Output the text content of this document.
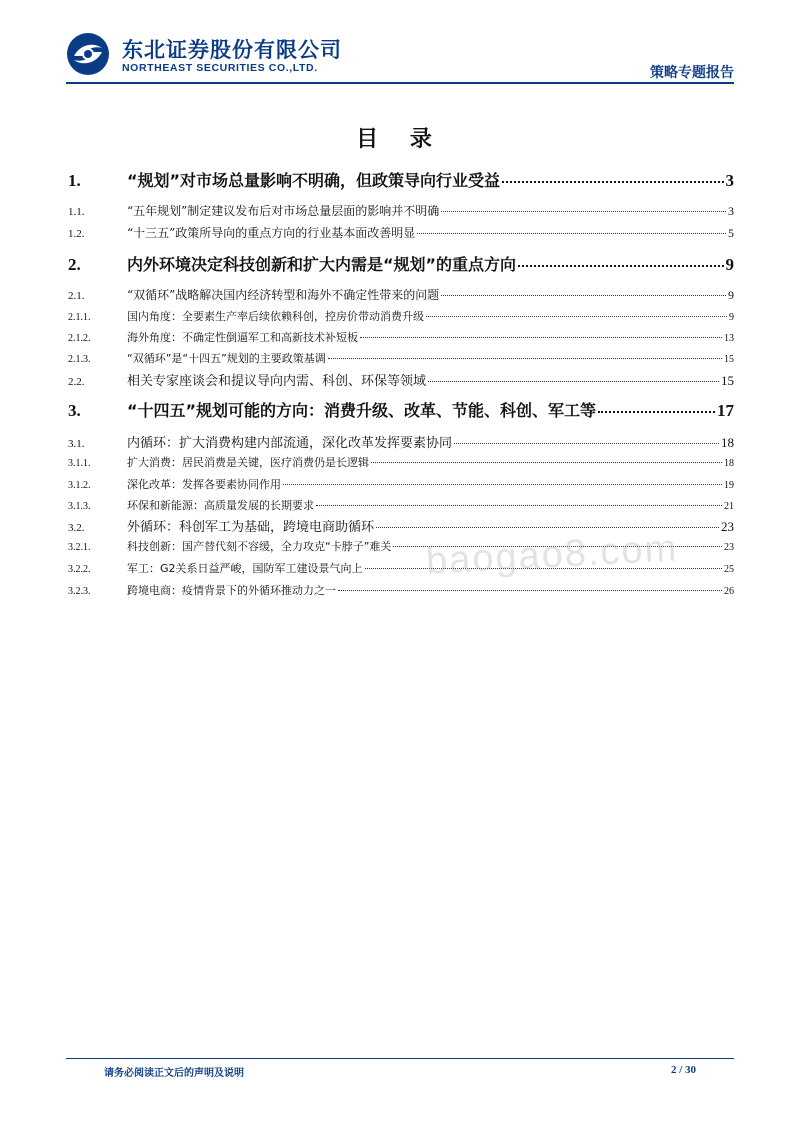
东北证券股份有限公司
NORTHEAST SECURITIES CO.,LTD.	策略专题报告
目 录
1.	“规划”对市场总量影响不明确，但政策导向行业受益	3
1.1.	“五年规划”制定建议发布后对市场总量层面的影响并不明确	3
1.2.	“十三五”政策所导向的重点方向的行业基本面改善明显	5
2.	内外环境决定科技创新和扩大内需是“规划”的重点方向	9
2.1.	“双循环”战略解决国内经济转型和海外不确定性带来的问题	9
2.1.1.	国内角度：全要素生产率后续依赖科创，控房价带动消费升级	9
2.1.2.	海外角度：不确定性倒逼军工和高新技术补短板	13
2.1.3.	“双循环”是“十四五”规划的主要政策基调	15
2.2.	相关专家座谈会和提议导向内需、科创、环保等领域	15
3.	“十四五”规划可能的方向：消费升级、改革、节能、科创、军工等	17
3.1.	内循环：扩大消费构建内部流通，深化改革发挥要素协同	18
3.1.1.	扩大消费：居民消费是关键，医疗消费仍是长逻辑	18
3.1.2.	深化改革：发挥各要素协同作用	19
3.1.3.	环保和新能源：高质量发展的长期要求	21
3.2.	外循环：科创军工为基础，跨境电商助循环	23
3.2.1.	科技创新：国产替代刻不容缓，全力攻克“卡脖子”难关	23
3.2.2.	军工：G2关系日益严峻，国防军工建设景气向上	25
3.2.3.	跨境电商：疫情背景下的外循环推动力之一	26
baogao8.com
请务必阅读正文后的声明及说明	2 / 30
